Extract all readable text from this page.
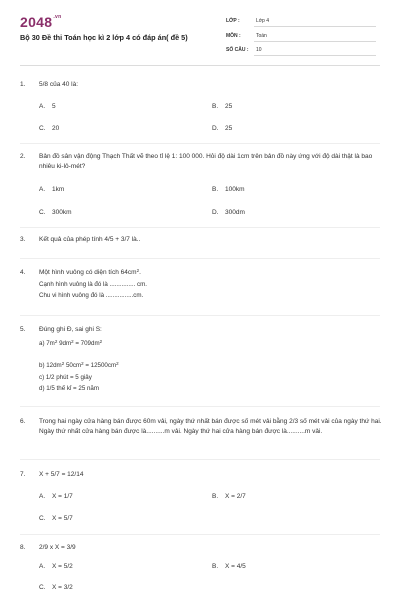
$2048^{.vn}$
Bộ 30 Đề thi Toán học kì 2 lớp 4 có đáp án( đề 5)
LỚP :	Lớp 4
MÔN :	Toán
SỐ CÂU : 10
1.	5/8 của 40 là:
A. 5	B. 25
C. 20	D. 25
2.	Bản đồ sân vận động Thạch Thất vẽ theo tỉ lệ 1: 100 000. Hỏi độ dài 1cm trên bản đồ này ứng với độ dài thật là bao nhiêu ki-lô-mét?
A. 1km	B. 100km
C. 300km	D. 300dm
3.	Kết quả của phép tính 4/5 + 3/7 là..
4.	Một hình vuông có diện tích $64cm^2$.
Cạnh hình vuông là đó là ............... cm.
Chu vi hình vuông đó là ................cm.
5.	Đúng ghi Đ, sai ghi S:
a) $7m^2$ $9dm^2 = 709dm^2$
b) $12dm^2$ $50cm^2 = 12500cm^2$
c) 1/2 phút = 5 giây
d) 1/5 thế kỉ = 25 năm
6.	Trong hai ngày cửa hàng bán được 60m vải, ngày thứ nhất bán được số mét vải bằng 2/3 số mét vải của ngày thứ hai. Ngày thứ nhất cửa hàng bán được là..........m vải. Ngày thứ hai cửa hàng bán được là..........m vải.
7.	X + 5/7 = 12/14
A. X = 1/7	B. X = 2/7
C. X = 5/7
8.	2/9 x X = 3/9
A. X = 5/2	B. X = 4/5
C. X = 3/2
